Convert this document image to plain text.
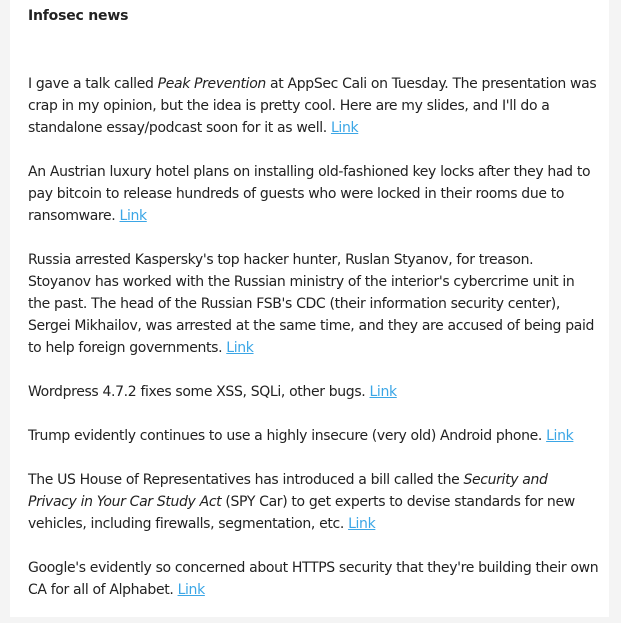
Infosec news

I gave a talk called Peak Prevention at AppSec Cali on Tuesday. The presentation was crap in my opinion, but the idea is pretty cool. Here are my slides, and I'll do a standalone essay/podcast soon for it as well. Link

An Austrian luxury hotel plans on installing old-fashioned key locks after they had to pay bitcoin to release hundreds of guests who were locked in their rooms due to ransomware. Link

Russia arrested Kaspersky's top hacker hunter, Ruslan Styanov, for treason. Stoyanov has worked with the Russian ministry of the interior's cybercrime unit in the past. The head of the Russian FSB's CDC (their information security center), Sergei Mikhailov, was arrested at the same time, and they are accused of being paid to help foreign governments. Link

Wordpress 4.7.2 fixes some XSS, SQLi, other bugs. Link

Trump evidently continues to use a highly insecure (very old) Android phone. Link

The US House of Representatives has introduced a bill called the Security and Privacy in Your Car Study Act (SPY Car) to get experts to devise standards for new vehicles, including firewalls, segmentation, etc. Link

Google's evidently so concerned about HTTPS security that they're building their own CA for all of Alphabet. Link
